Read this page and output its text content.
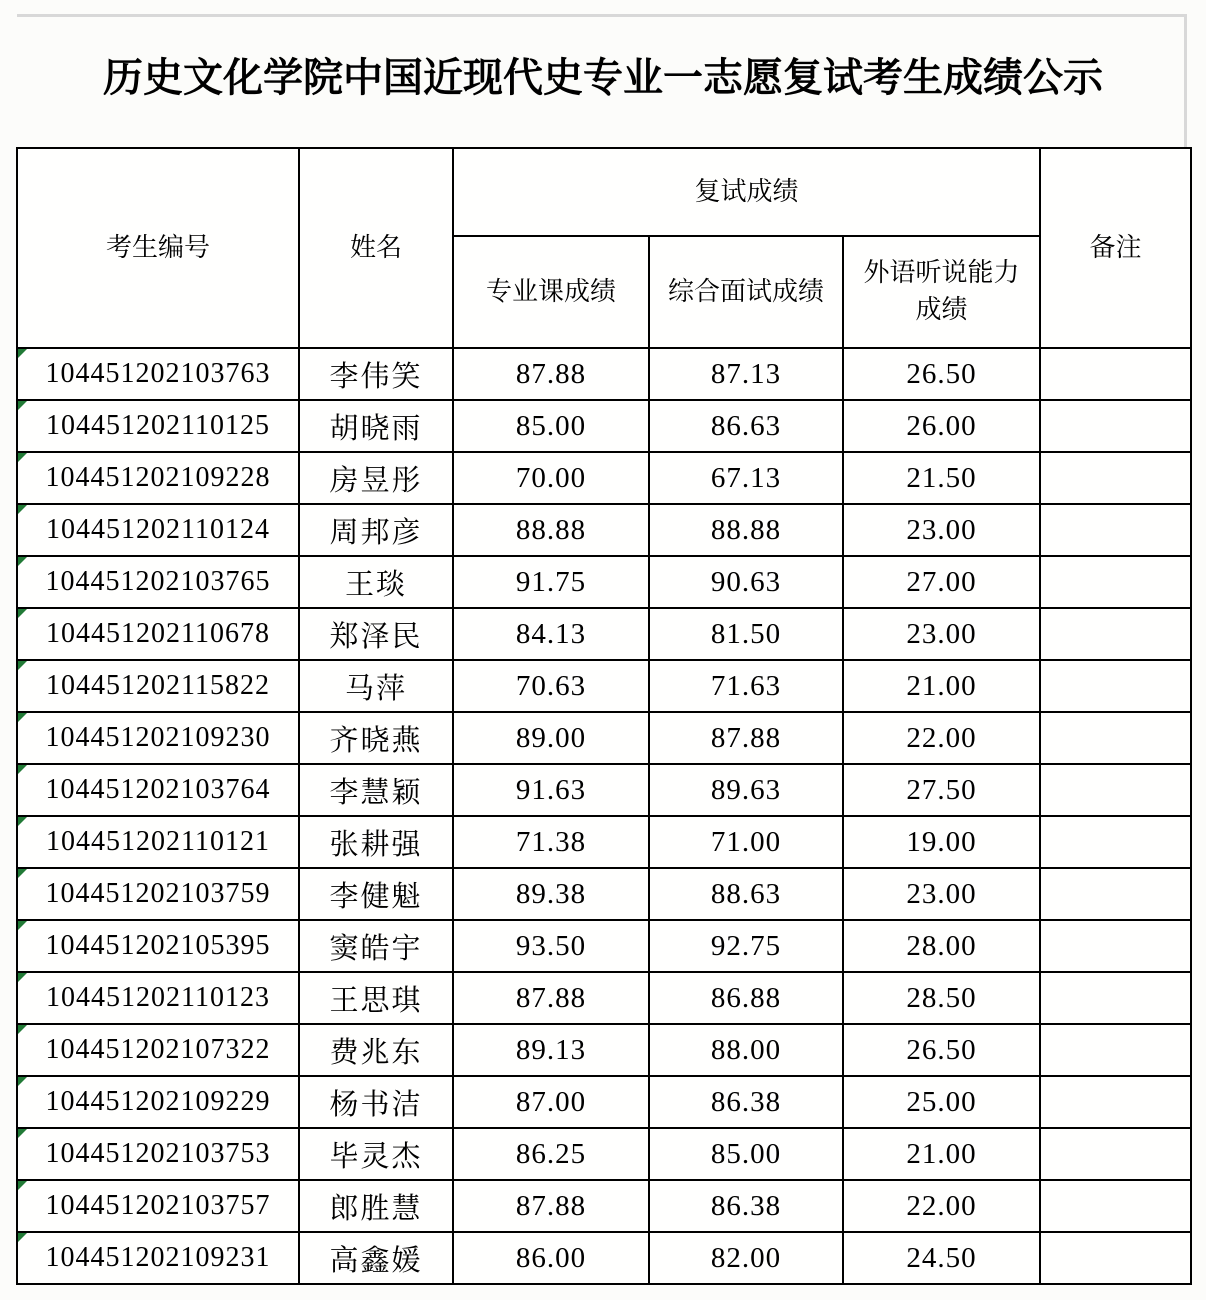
历史文化学院中国近现代史专业一志愿复试考生成绩公示
考生编号	姓名	复试成绩			备注
		专业课成绩	综合面试成绩	外语听说能力成绩	

104451202103763	李伟笑	87.88	87.13	26.50	

104451202110125	胡晓雨	85.00	86.63	26.00	

104451202109228	房昱彤	70.00	67.13	21.50	

104451202110124	周邦彦	88.88	88.88	23.00	

104451202103765	王琰	91.75	90.63	27.00	

104451202110678	郑泽民	84.13	81.50	23.00	

104451202115822	马萍	70.63	71.63	21.00	

104451202109230	齐晓燕	89.00	87.88	22.00	

104451202103764	李慧颖	91.63	89.63	27.50	

104451202110121	张耕强	71.38	71.00	19.00	

104451202103759	李健魁	89.38	88.63	23.00	

104451202105395	窦皓宇	93.50	92.75	28.00	

104451202110123	王思琪	87.88	86.88	28.50	

104451202107322	费兆东	89.13	88.00	26.50	

104451202109229	杨书洁	87.00	86.38	25.00	

104451202103753	毕灵杰	86.25	85.00	21.00	

104451202103757	郎胜慧	87.88	86.38	22.00	

104451202109231	高鑫媛	86.00	82.00	24.50	
